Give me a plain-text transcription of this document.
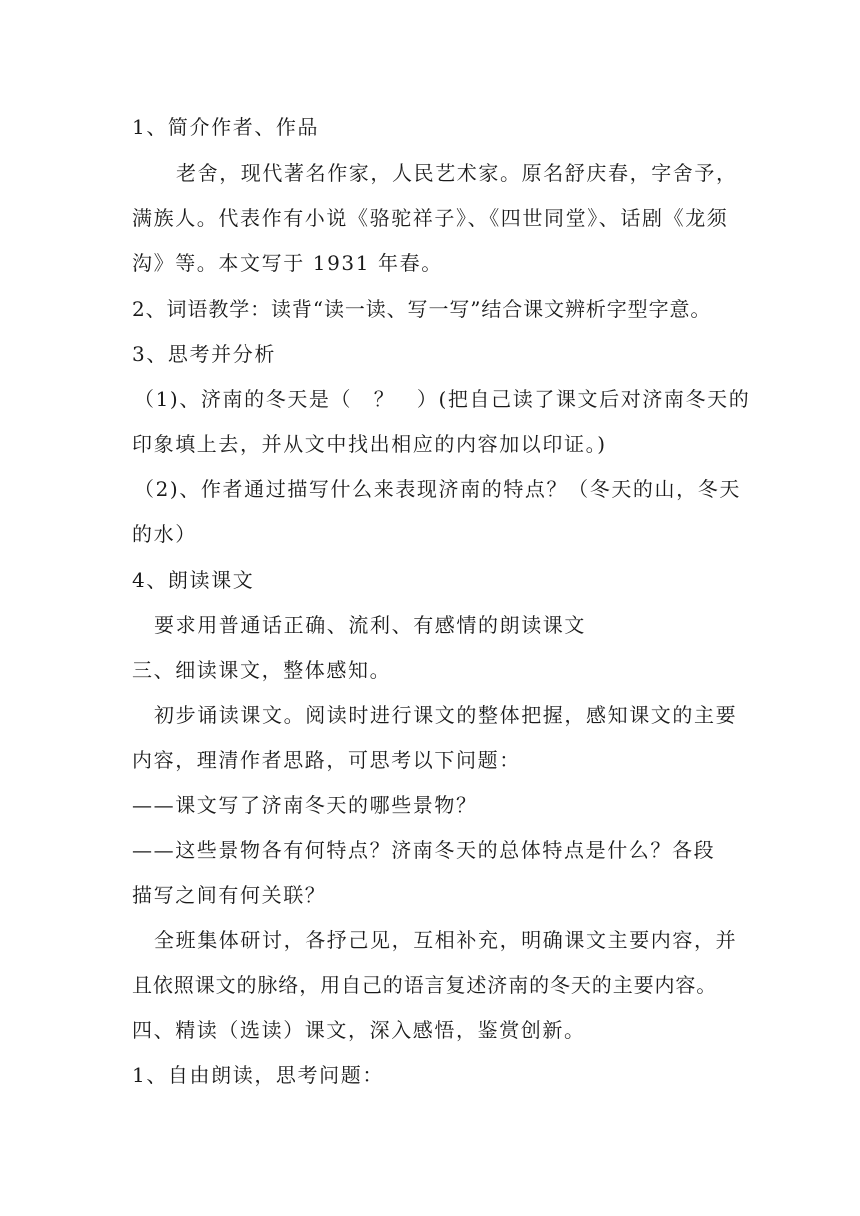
1、简介作者、作品
老舍，现代著名作家，人民艺术家。原名舒庆春，字舍予，
满族人。代表作有小说《骆驼祥子》、《四世同堂》、话剧《龙须
沟》等。本文写于 1931 年春。
2、词语教学：读背“读一读、写一写”结合课文辨析字型字意。
3、思考并分析
（1)、济南的冬天是（　？　）(把自己读了课文后对济南冬天的
印象填上去，并从文中找出相应的内容加以印证。)
（2)、作者通过描写什么来表现济南的特点？（冬天的山，冬天
的水）
4、朗读课文
要求用普通话正确、流利、有感情的朗读课文
三、细读课文，整体感知。
初步诵读课文。阅读时进行课文的整体把握，感知课文的主要
内容，理清作者思路，可思考以下问题：
——课文写了济南冬天的哪些景物？
——这些景物各有何特点？济南冬天的总体特点是什么？各段
描写之间有何关联？
全班集体研讨，各抒己见，互相补充，明确课文主要内容，并
且依照课文的脉络，用自己的语言复述济南的冬天的主要内容。
四、精读（选读）课文，深入感悟，鉴赏创新。
1、自由朗读，思考问题：
